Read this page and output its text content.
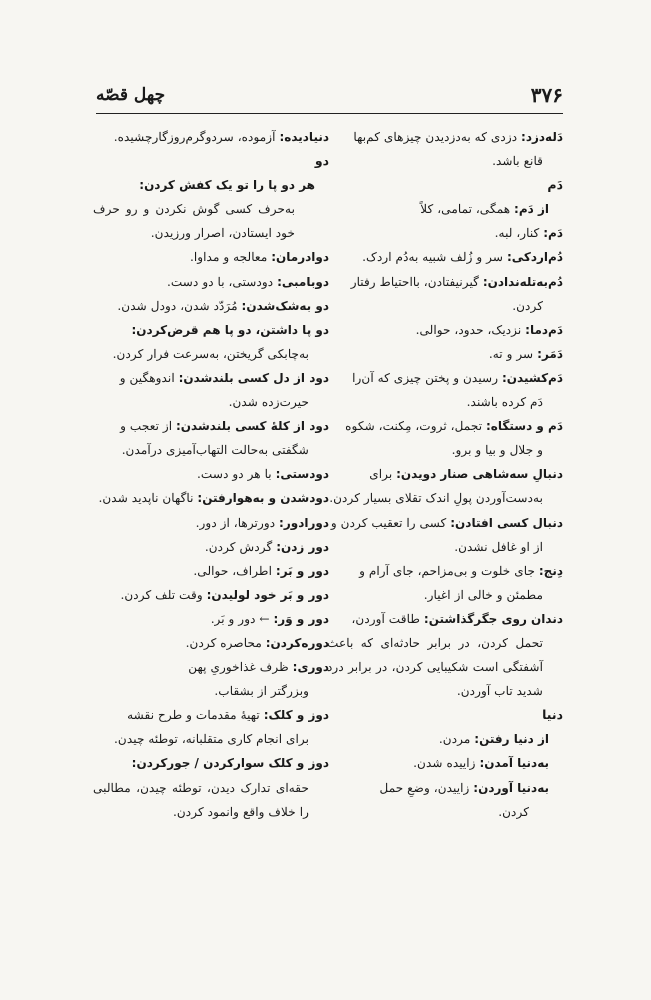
۳۷۶
چهل قصّه

دَله‌دزد: دزدی که به‌دزدیدن چیزهای کم‌بها
قانع باشد.

دَم

از دَم: همگی، تمامی، کلاً

دَم: کنار، لبه.

دُم‌اردکی: سر و زُلف شبیه به‌دُم اردک.

دُم‌به‌تله‌ندادن: گیرنیفتادن، بااحتیاط رفتار
کردن.

دَم‌دما: نزدیک، حدود، حوالی.

دَمَر: سر و ته.

دَم‌کشیدن: رسیدن و پختن چیزی که آن‌را
دَم کرده باشند.

دَم و دستگاه: تجمل، ثروت، مِکنت، شکوه
و جلال و بیا و برو.

دنبالِ سه‌شاهی صنار دویدن: برای
به‌دست‌آوردن پولِ اندک تقلای بسیار کردن.

دنبال کسی افتادن: کسی را تعقیب کردن و
از او غافل نشدن.

دِنج: جای خلوت و بی‌مزاحم، جای آرام و
مطمئن و خالی از اغیار.

دندان روی جگرگذاشتن: طاقت آوردن،
تحمل کردن، در برابر حادثه‌ای که باعث آشفتگی است شکیبایی کردن، در برابر درد شدید تاب آوردن.

دنیا

از دنیا رفتن: مردن.

به‌دنیا آمدن: زاییده شدن.

به‌دنیا آوردن: زاییدن، وضعِ حمل
کردن.

دنیادیده: آزموده، سردوگرم‌روزگارچشیده.

دو

هر دو پا را تو یک کفش کردن:
به‌حرف کسی گوش نکردن و رو حرف خود ایستادن، اصرار ورزیدن.

دوادرمان: معالجه و مداوا.

دوبامبی: دودستی، با دو دست.

دو به‌شک‌شدن: مُرَدّد شدن، دودل شدن.

دو پا داشتن، دو پا هم قرض‌کردن:
به‌چابکی گریختن، به‌سرعت فرار کردن.

دود از دل کسی بلندشدن: اندوهگین و
حیرت‌زده شدن.

دود از کلهٔ کسی بلندشدن: از تعجب و
شگفتی به‌حالت التهاب‌آمیزی درآمدن.

دودستی: با هر دو دست.

دودشدن و به‌هوارفتن: ناگهان ناپدید شدن.

دورادور: دورترها، از دور.

دور زدن: گردش کردن.

دور و بَر: اطراف، حوالی.

دور و بَر خود لولیدن: وقت تلف کردن.

دور و وَر: ← دور و بَر.

دوره‌کردن: محاصره کردن.

دوری: ظرف غذاخوریِ پهن
وبزرگتر از بشقاب.

دوز و کلک: تهیهٔ مقدمات و طرح نقشه
برای انجام کاری متقلبانه، توطئه چیدن.

دوز و کلک سوارکردن / جورکردن:
حقه‌ای تدارک دیدن، توطئه چیدن، مطالبی را خلاف واقع وانمود کردن.
